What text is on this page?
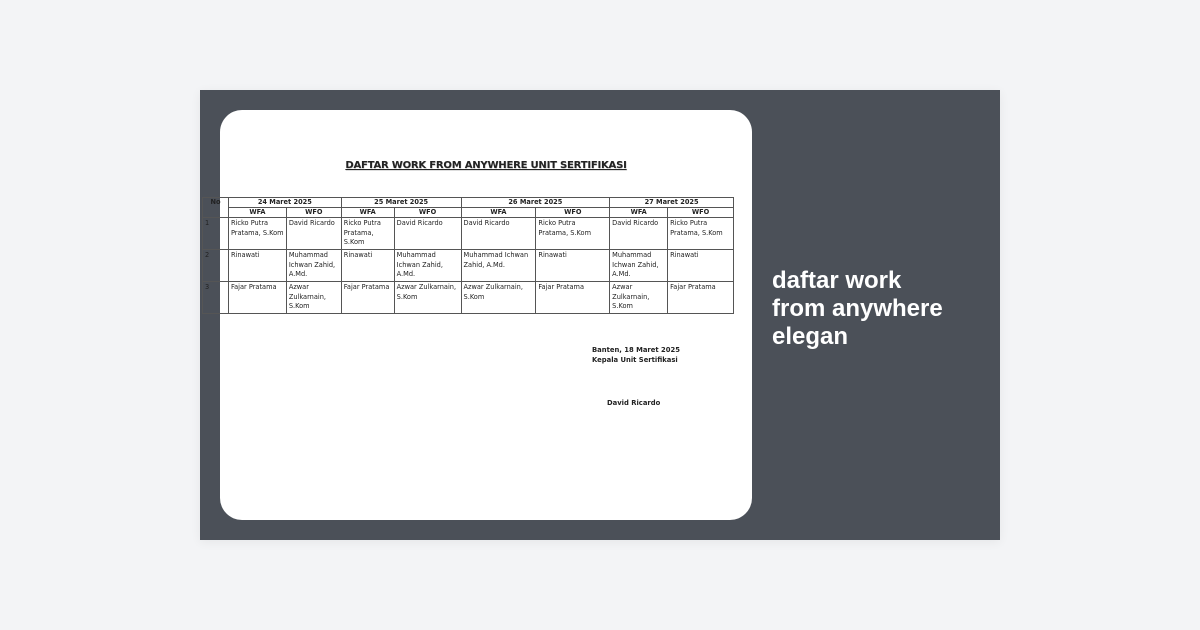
DAFTAR WORK FROM ANYWHERE UNIT SERTIFIKASI
No	24 Maret 2025		25 Maret 2025		26 Maret 2025		27 Maret 2025	
	WFA	WFO	WFA	WFO	WFA	WFO	WFA	WFO
1	Ricko Putra Pratama, S.Kom	David Ricardo	Ricko Putra Pratama, S.Kom	David Ricardo	David Ricardo	Ricko Putra Pratama, S.Kom	David Ricardo	Ricko Putra Pratama, S.Kom
2	Rinawati	Muhammad Ichwan Zahid, A.Md.	Rinawati	Muhammad Ichwan Zahid, A.Md.	Muhammad Ichwan Zahid, A.Md.	Rinawati	Muhammad Ichwan Zahid, A.Md.	Rinawati
3	Fajar Pratama	Azwar Zulkarnain, S.Kom	Fajar Pratama	Azwar Zulkarnain, S.Kom	Azwar Zulkarnain, S.Kom	Fajar Pratama	Azwar Zulkarnain, S.Kom	Fajar Pratama
Banten, 18 Maret 2025
Kepala Unit Sertifikasi
David Ricardo
daftar work
from anywhere
elegan
